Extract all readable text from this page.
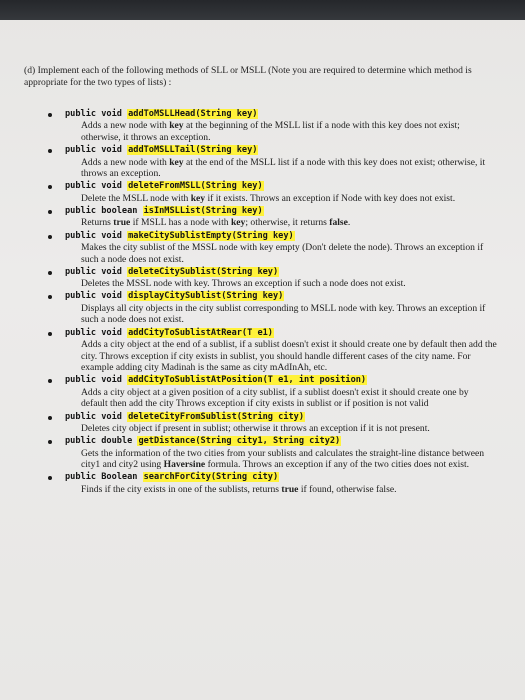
(d) Implement each of the following methods of SLL or MSLL (Note you are required to determine which method is appropriate for the two types of lists) :
public void addToMSLLHead(String key)
Adds a new node with key at the beginning of the MSLL list if a node with this key does not exist; otherwise, it throws an exception.
public void addToMSLLTail(String key)
Adds a new node with key at the end of the MSLL list if a node with this key does not exist; otherwise, it throws an exception.
public void deleteFromMSLL(String key)
Delete the MSLL node with key if it exists. Throws an exception if Node with key does not exist.
public boolean isInMSLList(String key)
Returns true if MSLL has a node with key; otherwise, it returns false.
public void makeCitySublistEmpty(String key)
Makes the city sublist of the MSSL node with key empty (Don't delete the node). Throws an exception if such a node does not exist.
public void deleteCitySublist(String key)
Deletes the MSSL node with key. Throws an exception if such a node does not exist.
public void displayCitySublist(String key)
Displays all city objects in the city sublist corresponding to MSLL node with key. Throws an exception if such a node does not exist.
public void addCityToSublistAtRear(T e1)
Adds a city object at the end of a sublist, if a sublist doesn't exist it should create one by default then add the city. Throws exception if city exists in sublist, you should handle different cases of the city name. For example adding city Madinah is the same as city mAdInAh, etc.
public void addCityToSublistAtPosition(T e1, int position)
Adds a city object at a given position of a city sublist, if a sublist doesn't exist it should create one by default then add the city Throws exception if city exists in sublist or if position is not valid
public void deleteCityFromSublist(String city)
Deletes city object if present in sublist; otherwise it throws an exception if it is not present.
public double getDistance(String city1, String city2)
Gets the information of the two cities from your sublists and calculates the straight-line distance between city1 and city2 using Haversine formula. Throws an exception if any of the two cities does not exist.
public Boolean searchForCity(String city)
Finds if the city exists in one of the sublists, returns true if found, otherwise false.
